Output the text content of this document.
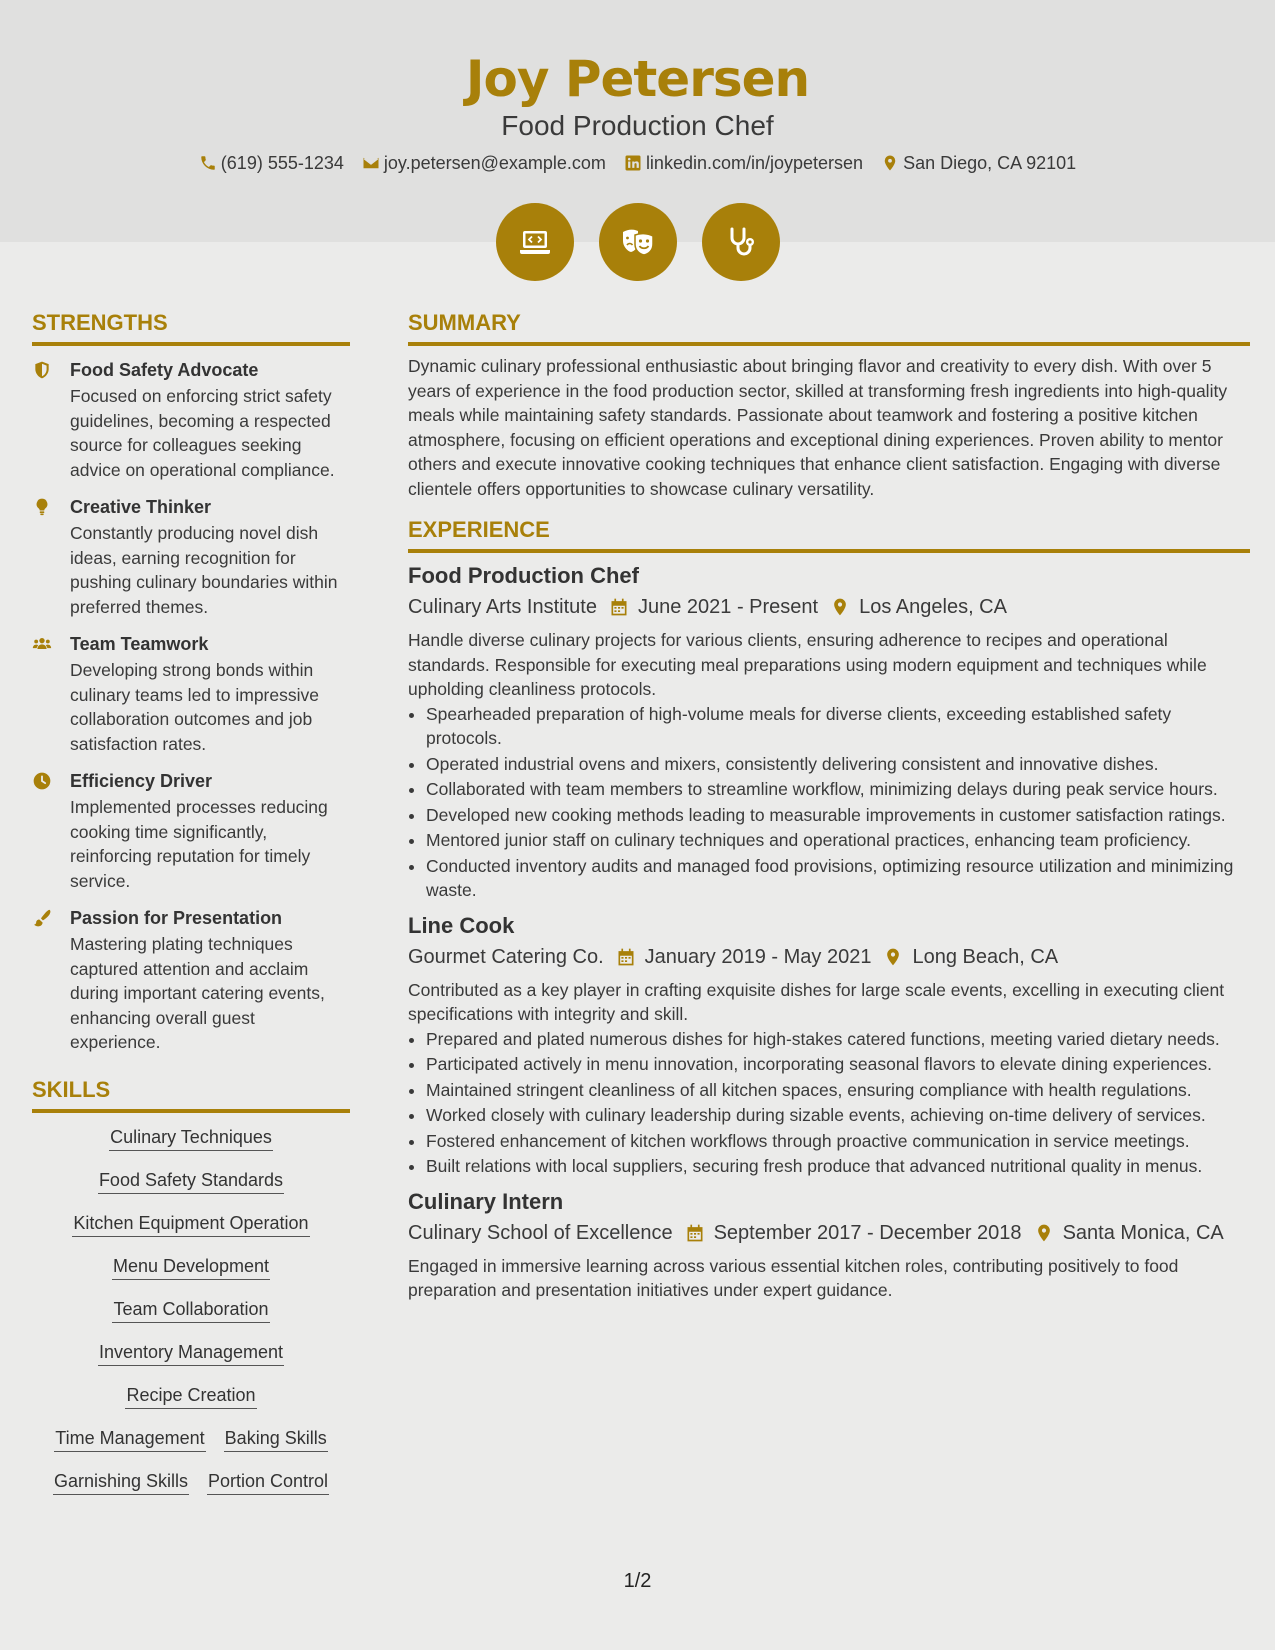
Joy Petersen
Food Production Chef
(619) 555-1234 joy.petersen@example.com linkedin.com/in/joypetersen San Diego, CA 92101
STRENGTHS
Food Safety Advocate

Focused on enforcing strict safety guidelines, becoming a respected source for colleagues seeking advice on operational compliance.

Creative Thinker

Constantly producing novel dish ideas, earning recognition for pushing culinary boundaries within preferred themes.

Team Teamwork

Developing strong bonds within culinary teams led to impressive collaboration outcomes and job satisfaction rates.

Efficiency Driver

Implemented processes reducing cooking time significantly, reinforcing reputation for timely service.

Passion for Presentation

Mastering plating techniques captured attention and acclaim during important catering events, enhancing overall guest experience.

SKILLS
Culinary Techniques
Food Safety Standards
Kitchen Equipment Operation
Menu Development
Team Collaboration
Inventory Management
Recipe Creation
Time Management Baking Skills
Garnishing Skills Portion Control
SUMMARY

Dynamic culinary professional enthusiastic about bringing flavor and creativity to every dish. With over 5 years of experience in the food production sector, skilled at transforming fresh ingredients into high-quality meals while maintaining safety standards. Passionate about teamwork and fostering a positive kitchen atmosphere, focusing on efficient operations and exceptional dining experiences. Proven ability to mentor others and execute innovative cooking techniques that enhance client satisfaction. Engaging with diverse clientele offers opportunities to showcase culinary versatility.

EXPERIENCE
Food Production Chef
Culinary Arts Institute June 2021 - Present Los Angeles, CA

Handle diverse culinary projects for various clients, ensuring adherence to recipes and operational standards. Responsible for executing meal preparations using modern equipment and techniques while upholding cleanliness protocols.

• Spearheaded preparation of high-volume meals for diverse clients, exceeding established safety protocols.
• Operated industrial ovens and mixers, consistently delivering consistent and innovative dishes.
• Collaborated with team members to streamline workflow, minimizing delays during peak service hours.
• Developed new cooking methods leading to measurable improvements in customer satisfaction ratings.
• Mentored junior staff on culinary techniques and operational practices, enhancing team proficiency.
• Conducted inventory audits and managed food provisions, optimizing resource utilization and minimizing waste.
Line Cook
Gourmet Catering Co. January 2019 - May 2021 Long Beach, CA

Contributed as a key player in crafting exquisite dishes for large scale events, excelling in executing client specifications with integrity and skill.

• Prepared and plated numerous dishes for high-stakes catered functions, meeting varied dietary needs.
• Participated actively in menu innovation, incorporating seasonal flavors to elevate dining experiences.
• Maintained stringent cleanliness of all kitchen spaces, ensuring compliance with health regulations.
• Worked closely with culinary leadership during sizable events, achieving on-time delivery of services.
• Fostered enhancement of kitchen workflows through proactive communication in service meetings.
• Built relations with local suppliers, securing fresh produce that advanced nutritional quality in menus.
Culinary Intern
Culinary School of Excellence September 2017 - December 2018 Santa Monica, CA

Engaged in immersive learning across various essential kitchen roles, contributing positively to food preparation and presentation initiatives under expert guidance.

1/2
